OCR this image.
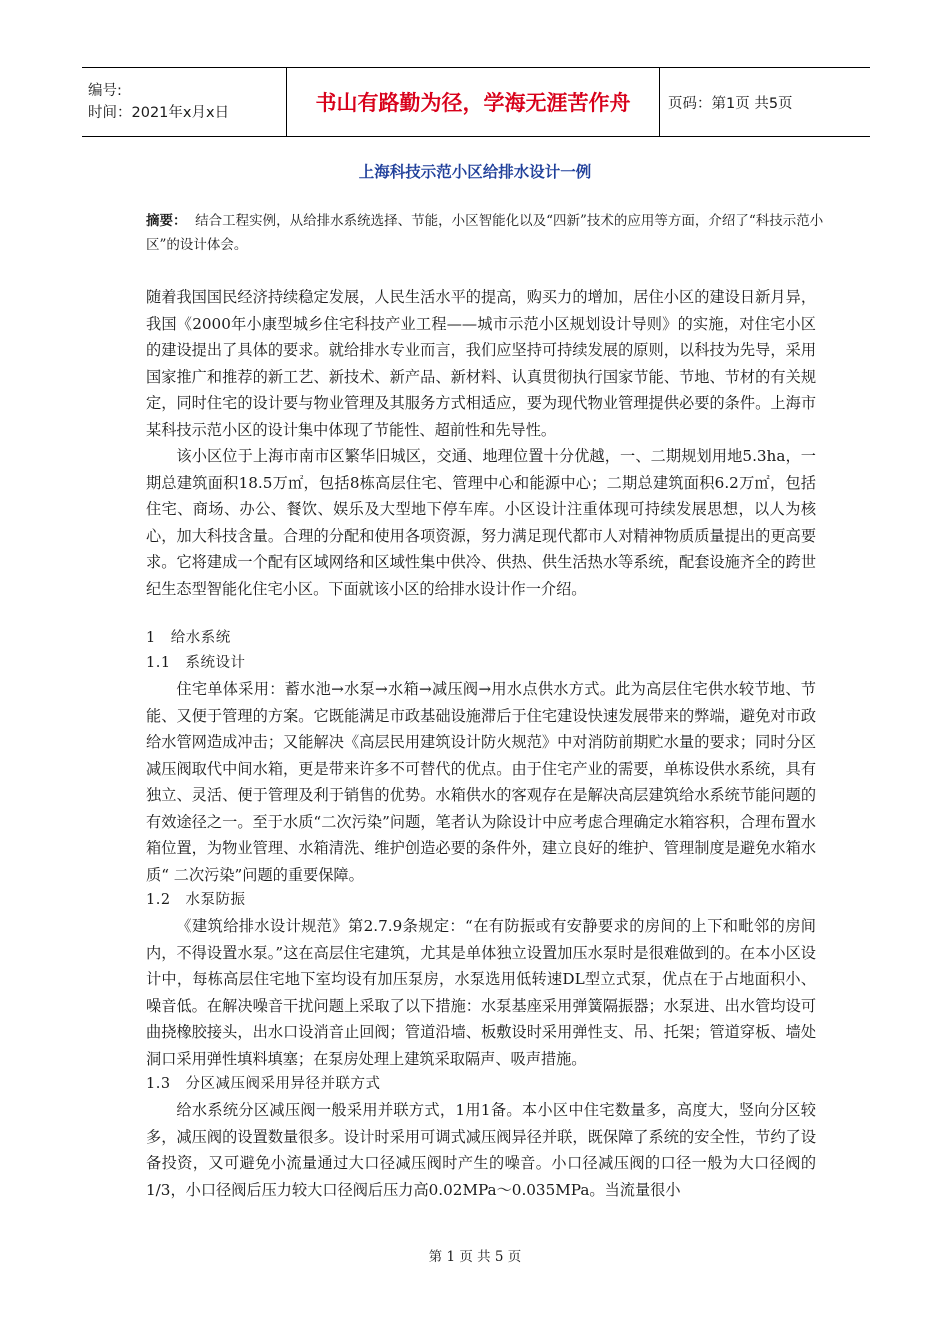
编号:
时间：2021年x月x日	书山有路勤为径，学海无涯苦作舟	页码：第1页 共5页
上海科技示范小区给排水设计一例
摘要： 结合工程实例，从给排水系统选择、节能，小区智能化以及“四新”技术的应用等方面，介绍了“科技示范小区”的设计体会。

随着我国国民经济持续稳定发展，人民生活水平的提高，购买力的增加，居住小区的建设日新月异，我国《2000年小康型城乡住宅科技产业工程——城市示范小区规划设计导则》的实施，对住宅小区的建设提出了具体的要求。就给排水专业而言，我们应坚持可持续发展的原则，以科技为先导，采用国家推广和推荐的新工艺、新技术、新产品、新材料、认真贯彻执行国家节能、节地、节材的有关规定，同时住宅的设计要与物业管理及其服务方式相适应，要为现代物业管理提供必要的条件。上海市某科技示范小区的设计集中体现了节能性、超前性和先导性。

该小区位于上海市南市区繁华旧城区，交通、地理位置十分优越，一、二期规划用地5.3ha，一期总建筑面积18.5万㎡，包括8栋高层住宅、管理中心和能源中心；二期总建筑面积6.2万㎡，包括住宅、商场、办公、餐饮、娱乐及大型地下停车库。小区设计注重体现可持续发展思想，以人为核心，加大科技含量。合理的分配和使用各项资源，努力满足现代都市人对精神物质质量提出的更高要求。它将建成一个配有区域网络和区域性集中供冷、供热、供生活热水等系统，配套设施齐全的跨世纪生态型智能化住宅小区。下面就该小区的给排水设计作一介绍。

1　给水系统

1.1　系统设计

住宅单体采用：蓄水池→水泵→水箱→减压阀→用水点供水方式。此为高层住宅供水较节地、节能、又便于管理的方案。它既能满足市政基础设施滞后于住宅建设快速发展带来的弊端，避免对市政给水管网造成冲击；又能解决《高层民用建筑设计防火规范》中对消防前期贮水量的要求；同时分区减压阀取代中间水箱，更是带来许多不可替代的优点。由于住宅产业的需要，单栋设供水系统，具有独立、灵活、便于管理及利于销售的优势。水箱供水的客观存在是解决高层建筑给水系统节能问题的有效途径之一。至于水质“二次污染”问题，笔者认为除设计中应考虑合理确定水箱容积，合理布置水箱位置，为物业管理、水箱清洗、维护创造必要的条件外，建立良好的维护、管理制度是避免水箱水质“ 二次污染”问题的重要保障。

1.2　水泵防振

《建筑给排水设计规范》第2.7.9条规定：“在有防振或有安静要求的房间的上下和毗邻的房间内，不得设置水泵。”这在高层住宅建筑，尤其是单体独立设置加压水泵时是很难做到的。在本小区设计中，每栋高层住宅地下室均设有加压泵房，水泵选用低转速DL型立式泵，优点在于占地面积小、噪音低。在解决噪音干扰问题上采取了以下措施：水泵基座采用弹簧隔振器；水泵进、出水管均设可曲挠橡胶接头，出水口设消音止回阀；管道沿墙、板敷设时采用弹性支、吊、托架；管道穿板、墙处洞口采用弹性填料填塞；在泵房处理上建筑采取隔声、吸声措施。

1.3　分区减压阀采用异径并联方式

给水系统分区减压阀一般采用并联方式，1用1备。本小区中住宅数量多，高度大，竖向分区较多，减压阀的设置数量很多。设计时采用可调式减压阀异径并联，既保障了系统的安全性，节约了设备投资，又可避免小流量通过大口径减压阀时产生的噪音。小口径减压阀的口径一般为大口径阀的1/3，小口径阀后压力较大口径阀后压力高0.02MPa～0.035MPa。当流量很小

第 1 页 共 5 页
